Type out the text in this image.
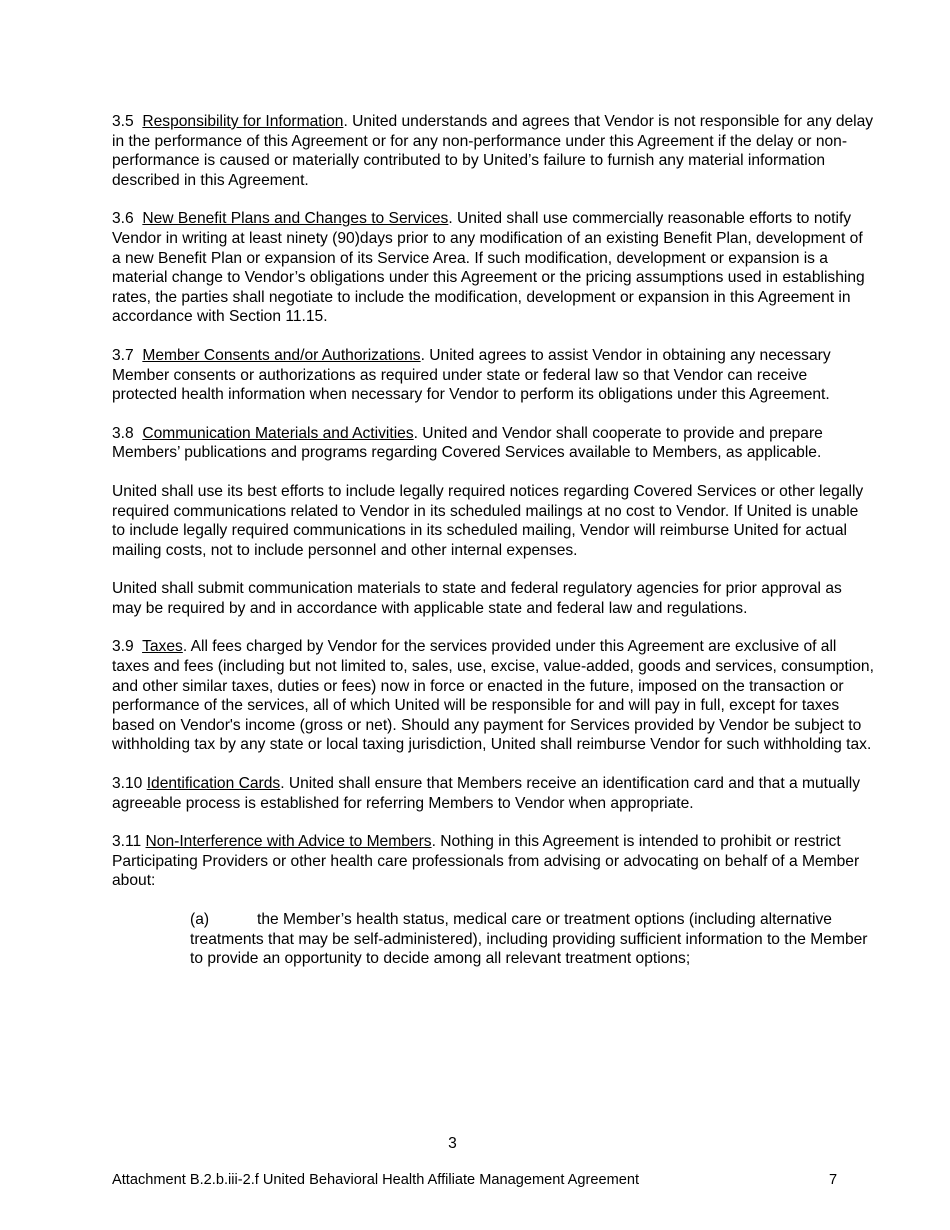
3.5 Responsibility for Information. United understands and agrees that Vendor is not responsible for any delay in the performance of this Agreement or for any non-performance under this Agreement if the delay or non-performance is caused or materially contributed to by United’s failure to furnish any material information described in this Agreement.

3.6 New Benefit Plans and Changes to Services. United shall use commercially reasonable efforts to notify Vendor in writing at least ninety (90)days prior to any modification of an existing Benefit Plan, development of a new Benefit Plan or expansion of its Service Area. If such modification, development or expansion is a material change to Vendor’s obligations under this Agreement or the pricing assumptions used in establishing rates, the parties shall negotiate to include the modification, development or expansion in this Agreement in accordance with Section 11.15.

3.7 Member Consents and/or Authorizations. United agrees to assist Vendor in obtaining any necessary Member consents or authorizations as required under state or federal law so that Vendor can receive protected health information when necessary for Vendor to perform its obligations under this Agreement.

3.8 Communication Materials and Activities. United and Vendor shall cooperate to provide and prepare Members’ publications and programs regarding Covered Services available to Members, as applicable.

United shall use its best efforts to include legally required notices regarding Covered Services or other legally required communications related to Vendor in its scheduled mailings at no cost to Vendor. If United is unable to include legally required communications in its scheduled mailing, Vendor will reimburse United for actual mailing costs, not to include personnel and other internal expenses.

United shall submit communication materials to state and federal regulatory agencies for prior approval as may be required by and in accordance with applicable state and federal law and regulations.

3.9 Taxes. All fees charged by Vendor for the services provided under this Agreement are exclusive of all taxes and fees (including but not limited to, sales, use, excise, value-added, goods and services, consumption, and other similar taxes, duties or fees) now in force or enacted in the future, imposed on the transaction or performance of the services, all of which United will be responsible for and will pay in full, except for taxes based on Vendor's income (gross or net). Should any payment for Services provided by Vendor be subject to withholding tax by any state or local taxing jurisdiction, United shall reimburse Vendor for such withholding tax.

3.10 Identification Cards. United shall ensure that Members receive an identification card and that a mutually agreeable process is established for referring Members to Vendor when appropriate.

3.11 Non-Interference with Advice to Members. Nothing in this Agreement is intended to prohibit or restrict Participating Providers or other health care professionals from advising or advocating on behalf of a Member about:

(a)	the Member’s health status, medical care or treatment options (including alternative treatments that may be self-administered), including providing sufficient information to the Member to provide an opportunity to decide among all relevant treatment options;

3
Attachment B.2.b.iii-2.f United Behavioral Health Affiliate Management Agreement	7
